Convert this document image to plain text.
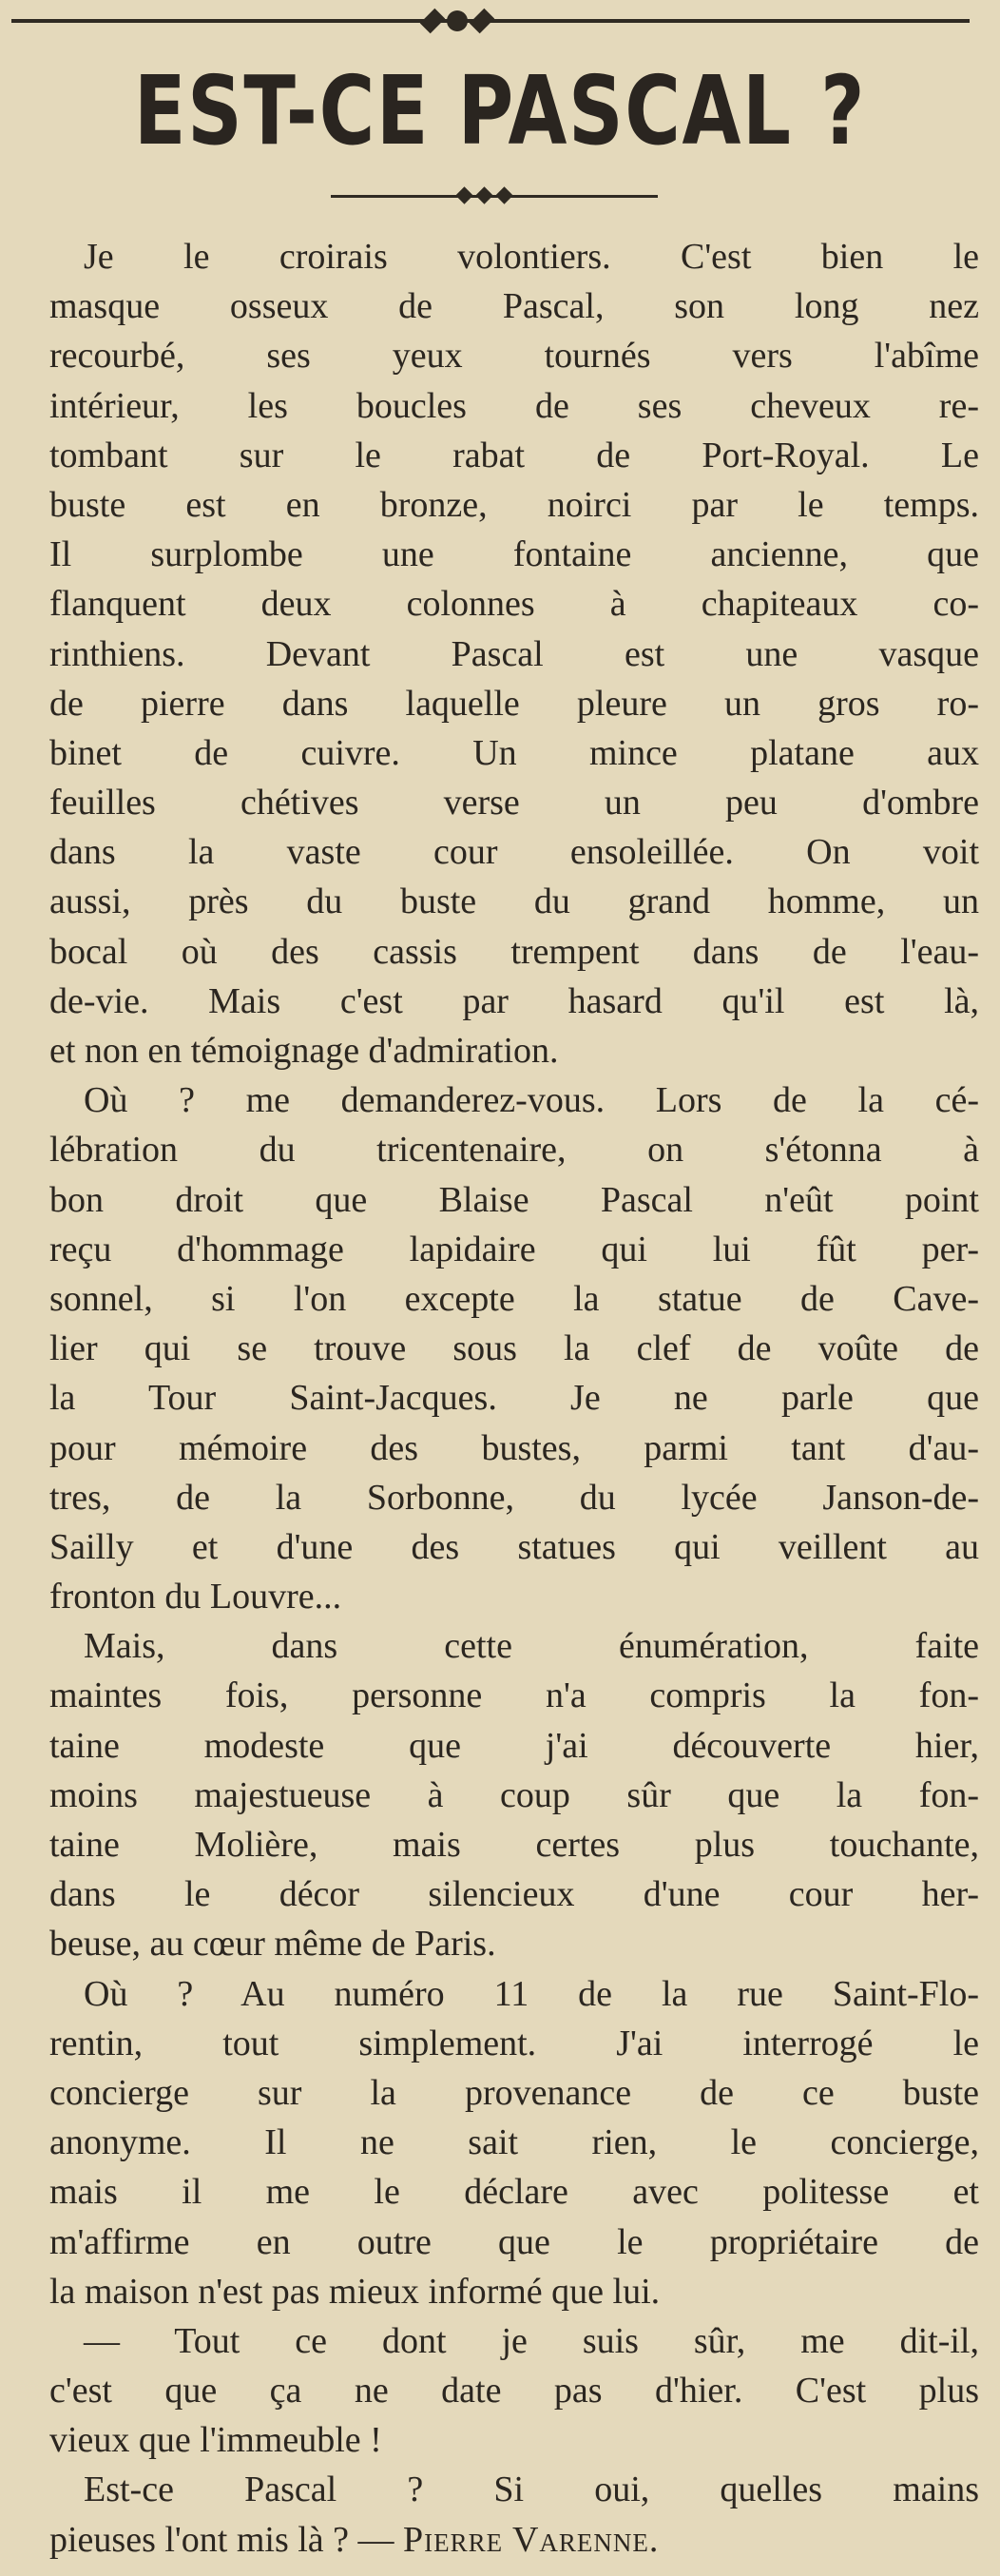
EST-CE PASCAL ?
Je le croirais volontiers. C'est bien le
masque osseux de Pascal, son long nez
recourbé, ses yeux tournés vers l'abîme
intérieur, les boucles de ses cheveux re-
tombant sur le rabat de Port-Royal. Le
buste est en bronze, noirci par le temps.
Il surplombe une fontaine ancienne, que
flanquent deux colonnes à chapiteaux co-
rinthiens. Devant Pascal est une vasque
de pierre dans laquelle pleure un gros ro-
binet de cuivre. Un mince platane aux
feuilles chétives verse un peu d'ombre
dans la vaste cour ensoleillée. On voit
aussi, près du buste du grand homme, un
bocal où des cassis trempent dans de l'eau-
de-vie. Mais c'est par hasard qu'il est là,
et non en témoignage d'admiration.
Où ? me demanderez-vous. Lors de la cé-
lébration du tricentenaire, on s'étonna à
bon droit que Blaise Pascal n'eût point
reçu d'hommage lapidaire qui lui fût per-
sonnel, si l'on excepte la statue de Cave-
lier qui se trouve sous la clef de voûte de
la Tour Saint-Jacques. Je ne parle que
pour mémoire des bustes, parmi tant d'au-
tres, de la Sorbonne, du lycée Janson-de-
Sailly et d'une des statues qui veillent au
fronton du Louvre...
Mais, dans cette énumération, faite
maintes fois, personne n'a compris la fon-
taine modeste que j'ai découverte hier,
moins majestueuse à coup sûr que la fon-
taine Molière, mais certes plus touchante,
dans le décor silencieux d'une cour her-
beuse, au cœur même de Paris.
Où ? Au numéro 11 de la rue Saint-Flo-
rentin, tout simplement. J'ai interrogé le
concierge sur la provenance de ce buste
anonyme. Il ne sait rien, le concierge,
mais il me le déclare avec politesse et
m'affirme en outre que le propriétaire de
la maison n'est pas mieux informé que lui.
— Tout ce dont je suis sûr, me dit-il,
c'est que ça ne date pas d'hier. C'est plus
vieux que l'immeuble !
Est-ce Pascal ? Si oui, quelles mains
pieuses l'ont mis là ? — Pierre Varenne.
